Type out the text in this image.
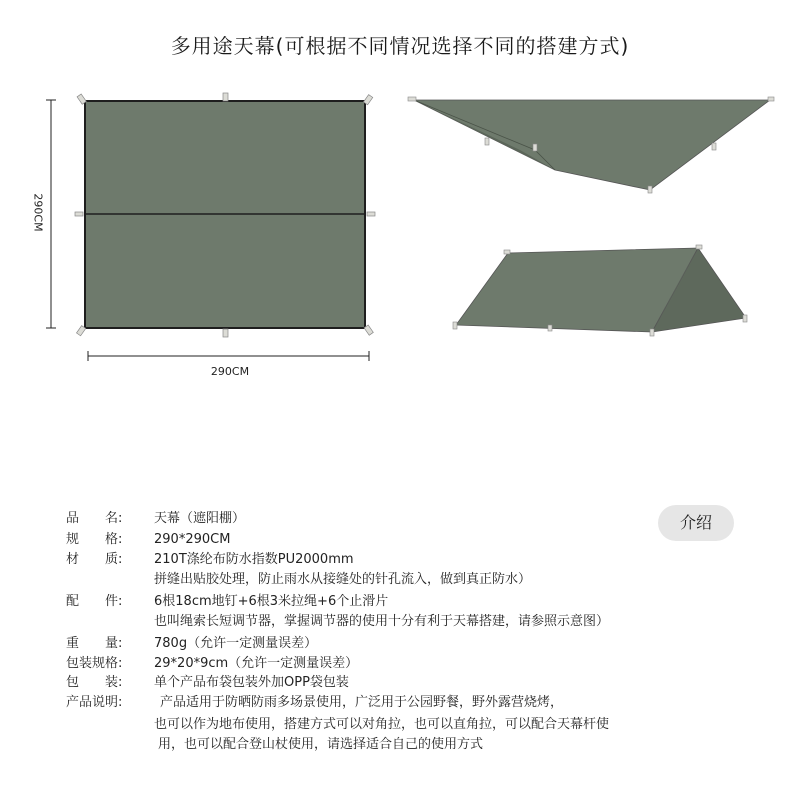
多用途天幕(可根据不同情况选择不同的搭建方式)
290CM
290CM
介绍
品　　名:	天幕（遮阳棚）
规　　格:	290*290CM
材　　质:	210T涤纶布防水指数PU2000mm
拼缝出贴胶处理，防止雨水从接缝处的针孔流入，做到真正防水）
配　　件:	6根18cm地钉+6根3米拉绳+6个止滑片
也叫绳索长短调节器，掌握调节器的使用十分有利于天幕搭建，请参照示意图）
重　　量:	780g（允许一定测量误差）
包装规格:	29*20*9cm（允许一定测量误差）
包　　装:	单个产品布袋包装外加OPP袋包装
产品说明:	产品适用于防晒防雨多场景使用，广泛用于公园野餐，野外露营烧烤，
也可以作为地布使用，搭建方式可以对角拉，也可以直角拉，可以配合天幕杆使
用，也可以配合登山杖使用，请选择适合自己的使用方式
